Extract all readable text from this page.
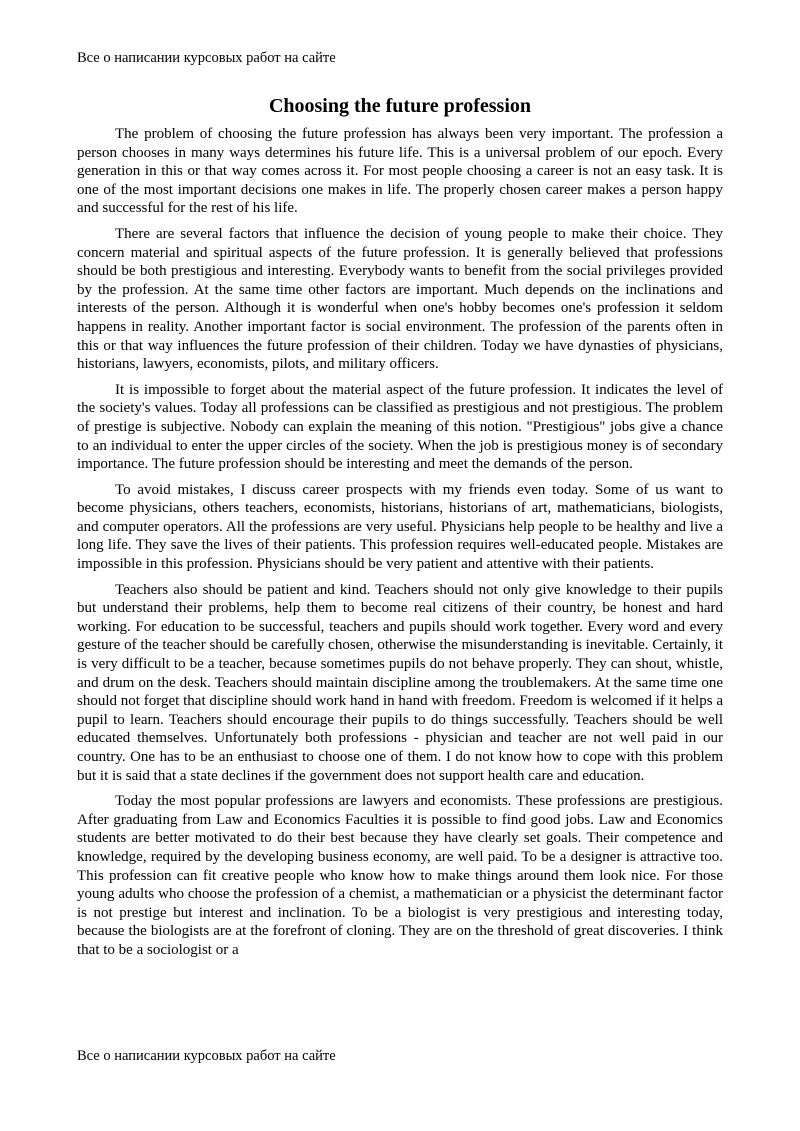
Все о написании курсовых работ на сайте

Choosing the future profession

The problem of choosing the future profession has always been very important. The profession a person chooses in many ways determines his future life. This is a universal problem of our epoch. Every generation in this or that way comes across it. For most people choosing a career is not an easy task. It is one of the most important decisions one makes in life. The properly chosen career makes a person happy and successful for the rest of his life.

There are several factors that influence the decision of young people to make their choice. They concern material and spiritual aspects of the future profession. It is generally believed that professions should be both prestigious and interesting. Everybody wants to benefit from the social privileges provided by the profession. At the same time other factors are important. Much depends on the inclinations and interests of the person. Although it is wonderful when one's hobby becomes one's profession it seldom happens in reality. Another important factor is social environment. The profession of the parents often in this or that way influences the future profession of their children. Today we have dynasties of physicians, historians, lawyers, economists, pilots, and military officers.

It is impossible to forget about the material aspect of the future profession. It indicates the level of the society's values. Today all professions can be classified as prestigious and not prestigious. The problem of prestige is subjective. Nobody can explain the meaning of this notion. "Prestigious" jobs give a chance to an individual to enter the upper circles of the society. When the job is prestigious money is of secondary importance. The future profession should be interesting and meet the demands of the person.

To avoid mistakes, I discuss career prospects with my friends even today. Some of us want to become physicians, others teachers, economists, historians, historians of art, mathematicians, biologists, and computer operators. All the professions are very useful. Physicians help people to be healthy and live a long life. They save the lives of their patients. This profession requires well-educated people. Mistakes are impossible in this profession. Physicians should be very patient and attentive with their patients.

Teachers also should be patient and kind. Teachers should not only give knowledge to their pupils but understand their problems, help them to become real citizens of their country, be honest and hard working. For education to be successful, teachers and pupils should work together. Every word and every gesture of the teacher should be carefully chosen, otherwise the misunderstanding is inevitable. Certainly, it is very difficult to be a teacher, because sometimes pupils do not behave properly. They can shout, whistle, and drum on the desk. Teachers should maintain discipline among the troublemakers. At the same time one should not forget that discipline should work hand in hand with freedom. Freedom is welcomed if it helps a pupil to learn. Teachers should encourage their pupils to do things successfully. Teachers should be well educated themselves. Unfortunately both professions - physician and teacher are not well paid in our country. One has to be an enthusiast to choose one of them. I do not know how to cope with this problem but it is said that a state declines if the government does not support health care and education.

Today the most popular professions are lawyers and economists. These professions are prestigious. After graduating from Law and Economics Faculties it is possible to find good jobs. Law and Economics students are better motivated to do their best because they have clearly set goals. Their competence and knowledge, required by the developing business economy, are well paid. To be a designer is attractive too. This profession can fit creative people who know how to make things around them look nice. For those young adults who choose the profession of a chemist, a mathematician or a physicist the determinant factor is not prestige but interest and inclination. To be a biologist is very prestigious and interesting today, because the biologists are at the forefront of cloning. They are on the threshold of great discoveries. I think that to be a sociologist or a

Все о написании курсовых работ на сайте
